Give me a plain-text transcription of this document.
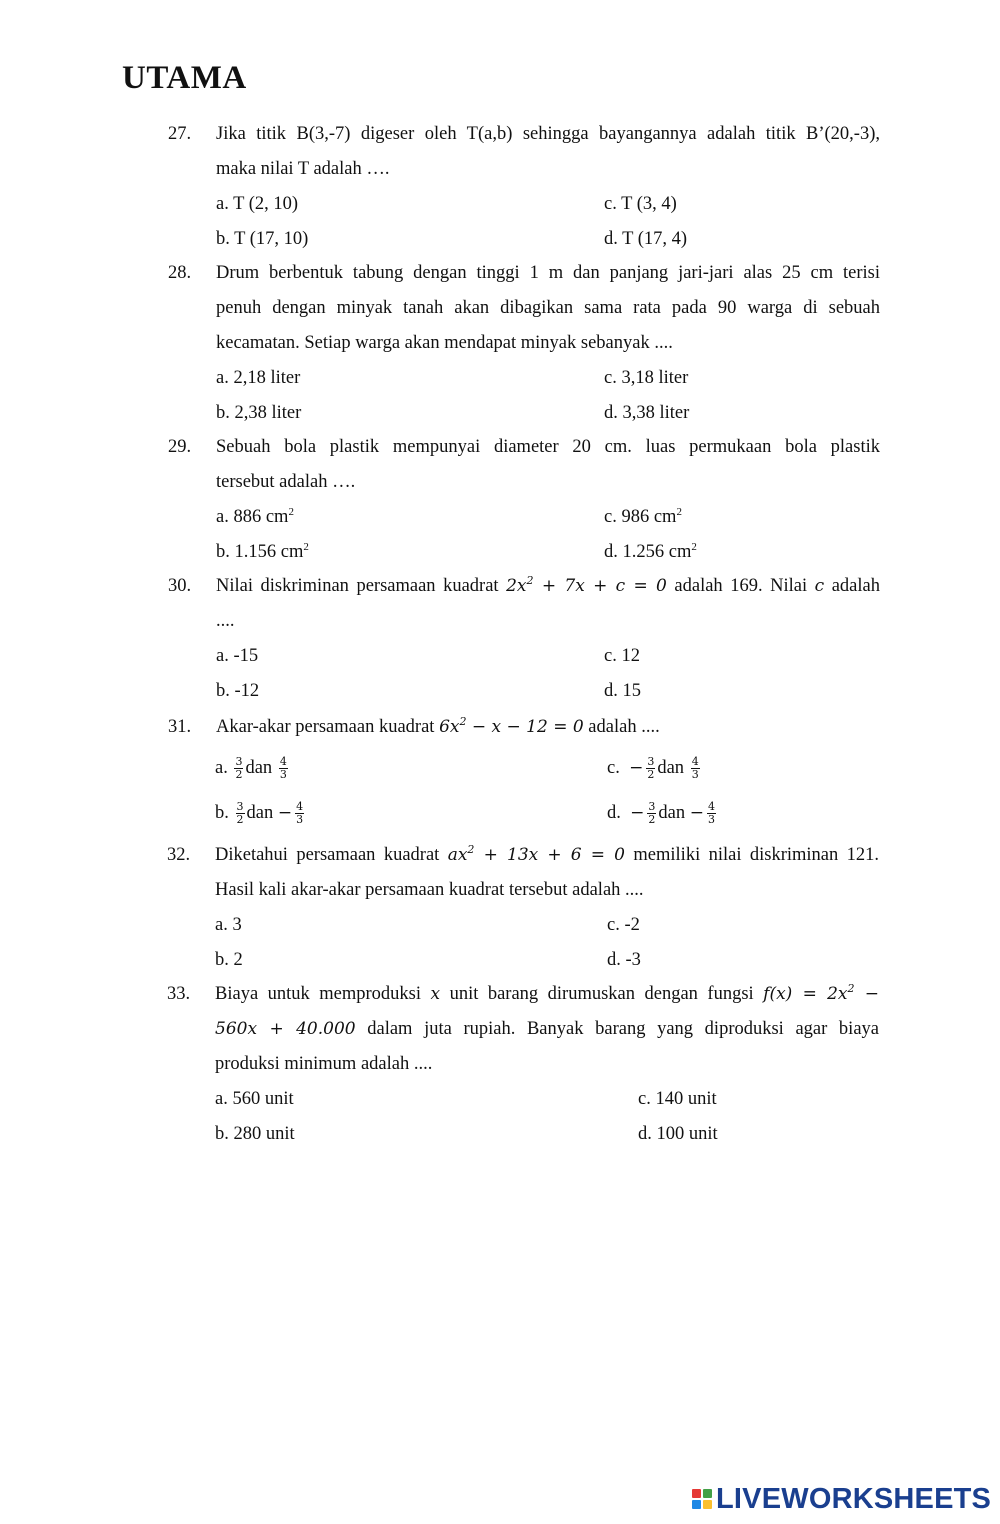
UTAMA
27. Jika titik B(3,-7) digeser oleh T(a,b) sehingga bayangannya adalah titik B’(20,-3),
maka nilai T adalah ….
a. T (2, 10)
b. T (17, 10)
c. T (3, 4)
d. T (17, 4)
28. Drum berbentuk tabung dengan tinggi 1 m dan panjang jari-jari alas 25 cm terisi
penuh dengan minyak tanah akan dibagikan sama rata pada 90 warga di sebuah
kecamatan. Setiap warga akan mendapat minyak sebanyak ....
a. 2,18 liter
b. 2,38 liter
c. 3,18 liter
d. 3,38 liter
29. Sebuah bola plastik mempunyai diameter 20 cm. luas permukaan bola plastik
tersebut adalah ….
a. 886 $cm^2$
b. 1.156 $cm^2$
c. 986 $cm^2$
d. 1.256 $cm^2$
30. Nilai diskriminan persamaan kuadrat $2x^2 + 7x + c = 0$ adalah 169. Nilai c adalah
....
a. -15
b. -12
c. 12
d. 15
31. Akar-akar persamaan kuadrat $6x^2 - x - 12 = 0$ adalah ....
a. $\frac{3}{2}$ dan $\frac{4}{3}$
b. $\frac{3}{2}$ dan − $\frac{4}{3}$
c. − $\frac{3}{2}$ dan $\frac{4}{3}$
d. − $\frac{3}{2}$ dan − $\frac{4}{3}$
32. Diketahui persamaan kuadrat $ax^2 + 13x + 6 = 0$ memiliki nilai diskriminan 121.
Hasil kali akar-akar persamaan kuadrat tersebut adalah ....
a. 3
b. 2
c. -2
d. -3
33. Biaya untuk memproduksi x unit barang dirumuskan dengan fungsi $f(x) = 2x^2$ −
560x + 40.000 dalam juta rupiah. Banyak barang yang diproduksi agar biaya
produksi minimum adalah ....
a. 560 unit
b. 280 unit
c. 140 unit
d. 100 unit
LIVEWORKSHEETS
